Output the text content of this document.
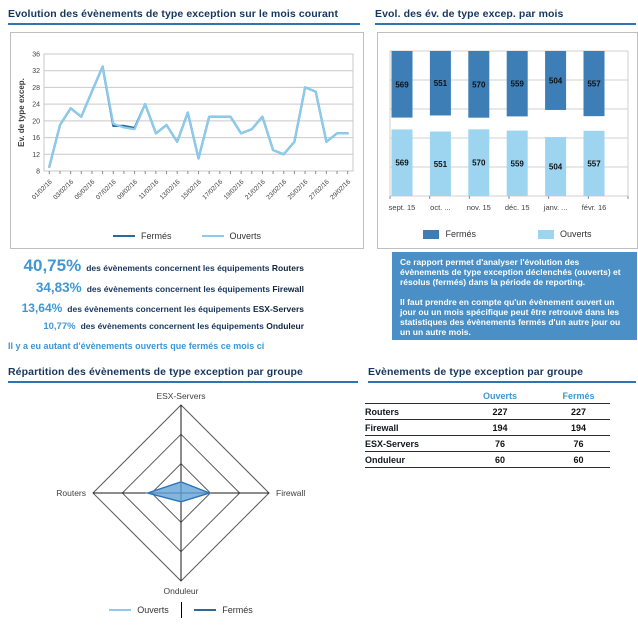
Evolution des évènements de type exception sur le mois courant
8
12
16
20
24
28
32
36
01/02/16
03/02/16
05/02/16
07/02/16
09/02/16
11/02/16
13/02/16
15/02/16
17/02/16
19/02/16
21/02/16
23/02/16
25/02/16
27/02/16
29/02/16
Ev. de type excep.
Fermés	Ouverts
Evol. des év. de type excep. par mois
569
569
sept. 15
551
551
oct. ...
570
570
nov. 15
559
559
déc. 15
504
504
janv. ...
557
557
févr. 16
Fermés	Ouverts
40,75% des évènements concernent les équipements Routers
34,83% des évènements concernent les équipements Firewall
13,64% des évènements concernent les équipements ESX-Servers
10,77% des évènements concernent les équipements Onduleur
Il y a eu autant d'évènements ouverts que fermés ce mois ci

Ce rapport permet d'analyser l'évolution des évènements de type exception déclenchés (ouverts) et résolus (fermés) dans la période de reporting.

Il faut prendre en compte qu'un évènement ouvert un jour ou un mois spécifique peut être retrouvé dans les statistiques des évènements fermés d'un autre jour ou un un autre mois.

Répartition des évènements de type exception par groupe
ESX-Servers
Firewall
Onduleur
Routers
Ouverts	Fermés
Evènements de type exception par groupe
	Ouverts	Fermés
Routers	227	227
Firewall	194	194
ESX-Servers	76	76
Onduleur	60	60
